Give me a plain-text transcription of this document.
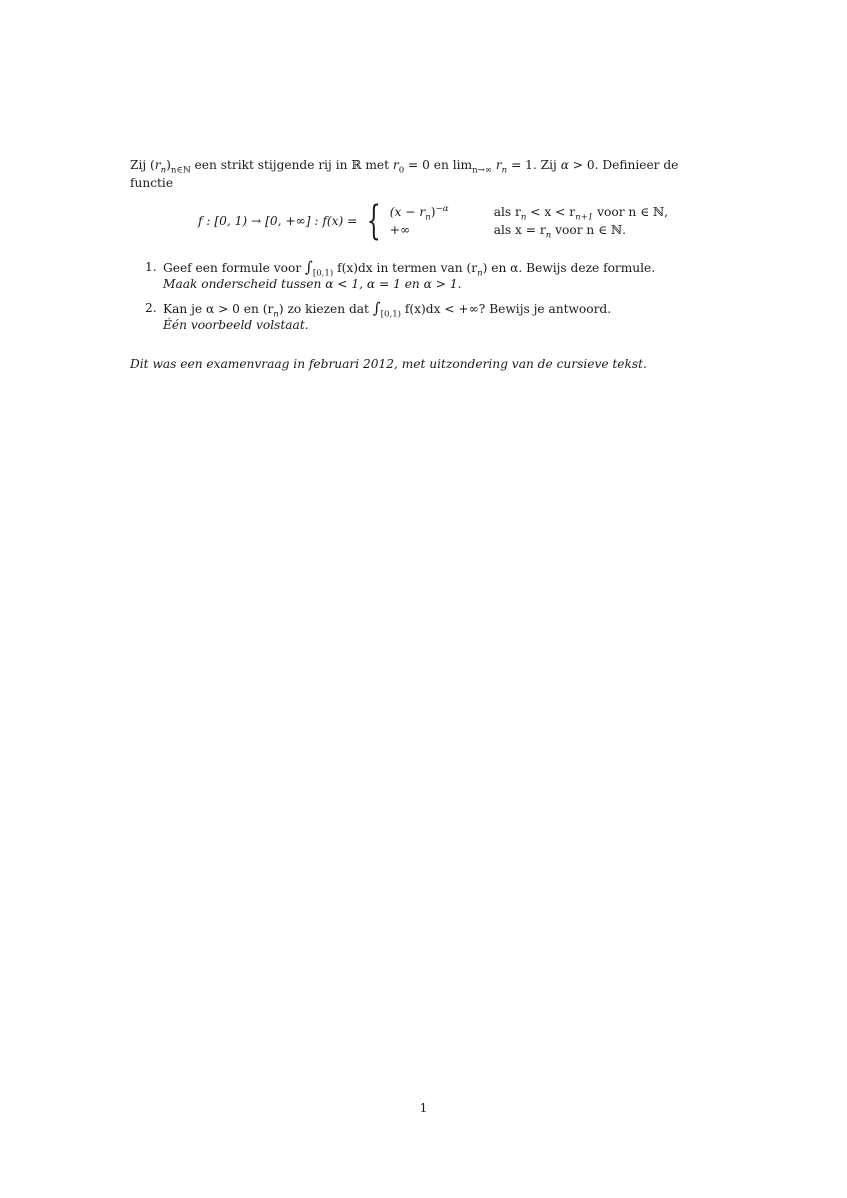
Zij $(r_n)_{n\in ℕ}$ een strikt stijgende rij in ℝ met $r_0 = 0$ en $\lim_{n\to\infty} r_n = 1$. Zij α > 0. Definieer de
functie
f : [0, 1) → [0, +∞] : f(x) = { $(x - r_n)^{-\alpha}$	als $r_n < x < r_{n+1}$ voor n ∈ ℕ,
+∞	als $x = r_n$ voor n ∈ ℕ.
1. Geef een formule voor $\int_{[0,1)}$ f(x)dx in termen van $(r_n)$ en α. Bewijs deze formule.
Maak onderscheid tussen α < 1, α = 1 en α > 1.
2. Kan je α > 0 en $(r_n)$ zo kiezen dat $\int_{[0,1)}$ f(x)dx < +∞? Bewijs je antwoord.
Één voorbeeld volstaat.
Dit was een examenvraag in februari 2012, met uitzondering van de cursieve tekst.
1
